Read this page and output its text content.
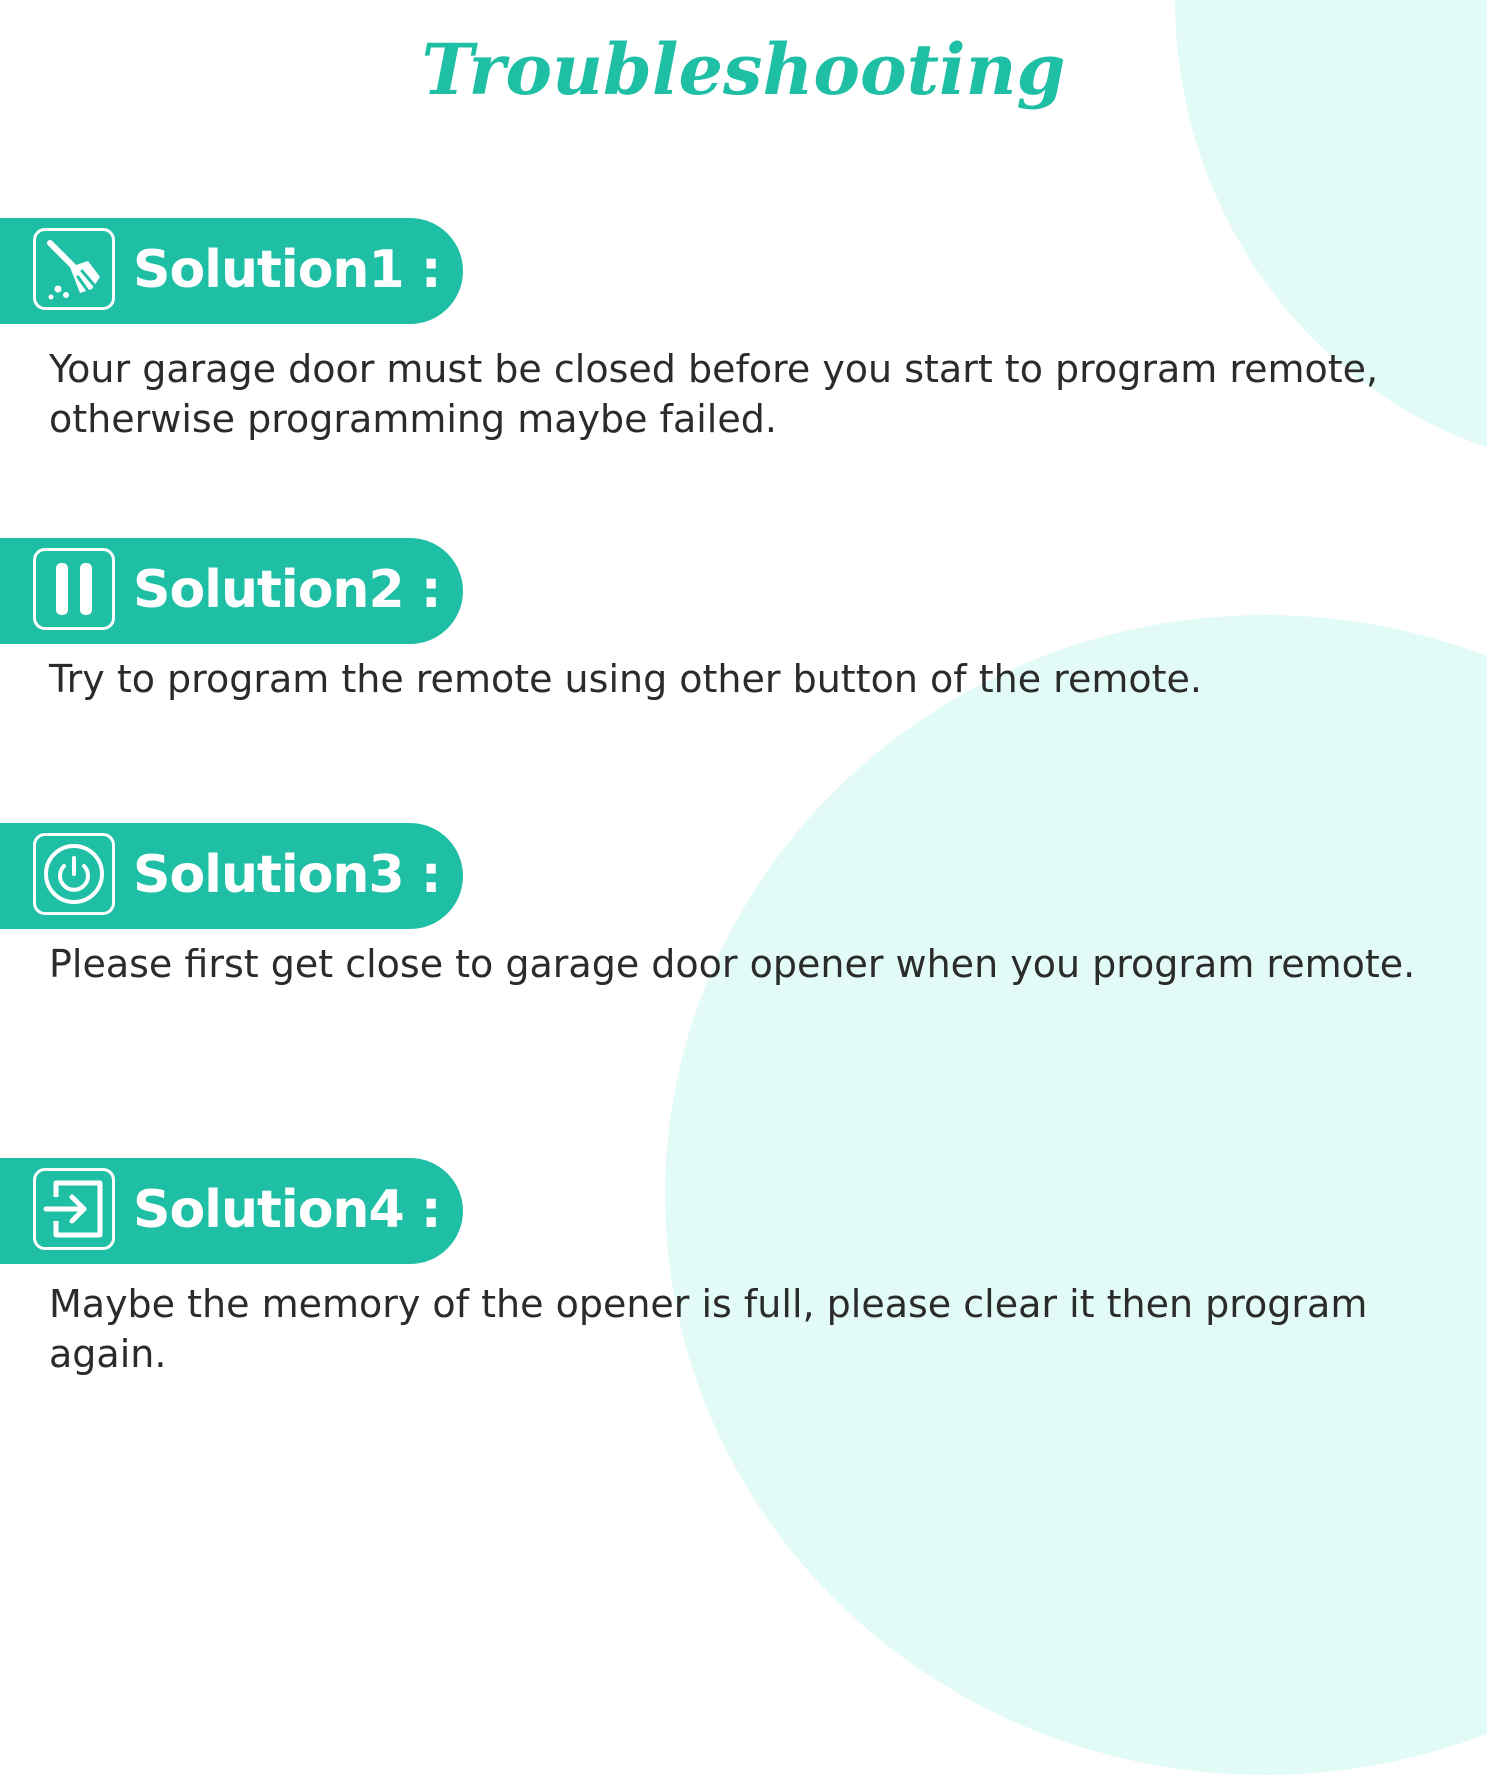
Troubleshooting
Solution1 :

Your garage door must be closed before you start to program remote, otherwise programming maybe failed.

Solution2 :

Try to program the remote using other button of the remote.

Solution3 :

Please first get close to garage door opener when you program remote.

Solution4 :

Maybe the memory of the opener is full, please clear it then program again.
